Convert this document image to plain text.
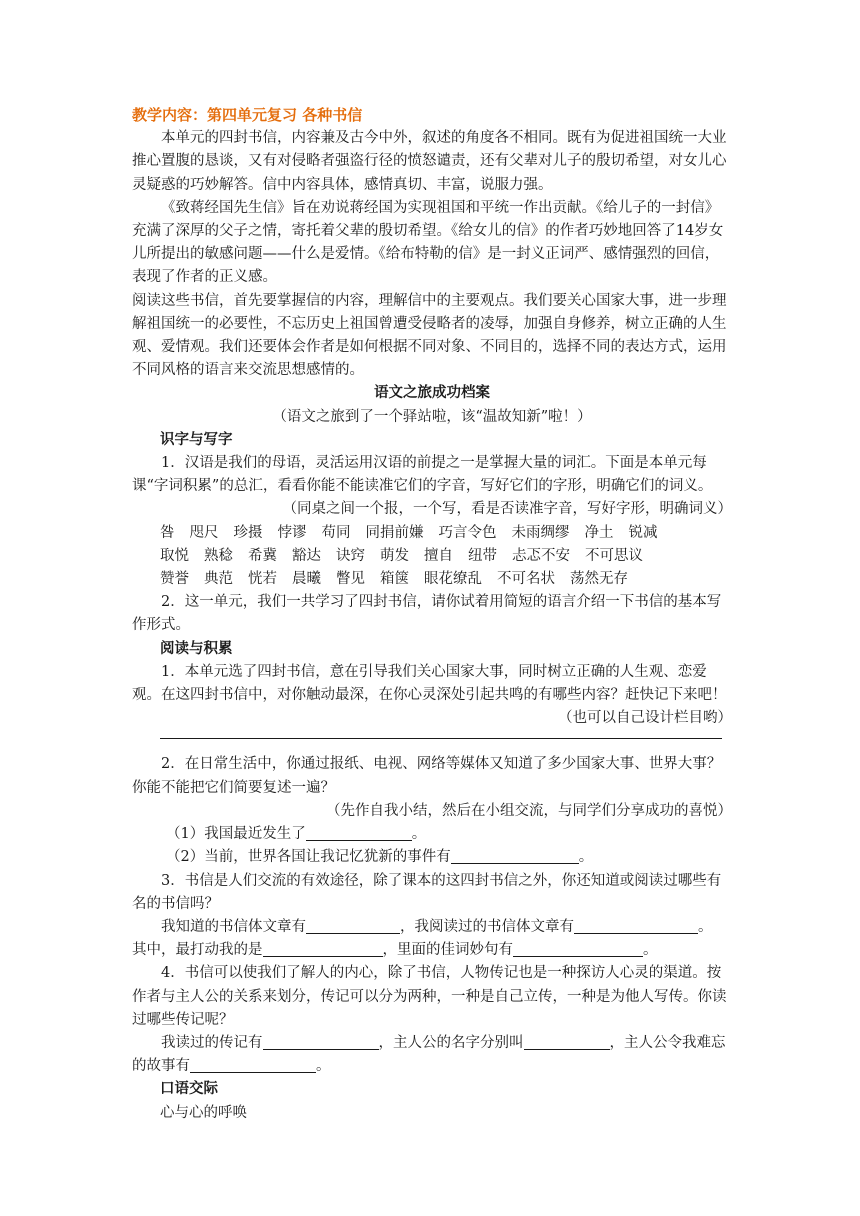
教学内容：第四单元复习 各种书信

本单元的四封书信，内容兼及古今中外，叙述的角度各不相同。既有为促进祖国统一大业推心置腹的恳谈，又有对侵略者强盗行径的愤怒谴责，还有父辈对儿子的殷切希望，对女儿心灵疑惑的巧妙解答。信中内容具体，感情真切、丰富，说服力强。

《致蒋经国先生信》旨在劝说蒋经国为实现祖国和平统一作出贡献。《给儿子的一封信》充满了深厚的父子之情，寄托着父辈的殷切希望。《给女儿的信》的作者巧妙地回答了14岁女儿所提出的敏感问题——什么是爱情。《给布特勒的信》是一封义正词严、感情强烈的回信，表现了作者的正义感。

阅读这些书信，首先要掌握信的内容，理解信中的主要观点。我们要关心国家大事，进一步理解祖国统一的必要性，不忘历史上祖国曾遭受侵略者的凌辱，加强自身修养，树立正确的人生观、爱情观。我们还要体会作者是如何根据不同对象、不同目的，选择不同的表达方式，运用不同风格的语言来交流思想感情的。

语文之旅成功档案

（语文之旅到了一个驿站啦，该“温故知新”啦！）

识字与写字

1．汉语是我们的母语，灵活运用汉语的前提之一是掌握大量的词汇。下面是本单元每课“字词积累”的总汇，看看你能不能读准它们的字音，写好它们的字形，明确它们的词义。

（同桌之间一个报，一个写，看是否读准字音，写好字形，明确词义）

咎 咫尺 珍摄 悖谬 苟同 同捐前嫌 巧言令色 未雨绸缪 净土 锐减
取悦 熟稔 希冀 豁达 诀窍 萌发 擅自 纽带 忐忑不安 不可思议
赞誉 典范 恍若 晨曦 瞥见 箱箧 眼花缭乱 不可名状 荡然无存

2．这一单元，我们一共学习了四封书信，请你试着用简短的语言介绍一下书信的基本写作形式。

阅读与积累

1．本单元选了四封书信，意在引导我们关心国家大事，同时树立正确的人生观、恋爱观。在这四封书信中，对你触动最深，在你心灵深处引起共鸣的有哪些内容？赶快记下来吧！

（也可以自己设计栏目哟）

2．在日常生活中，你通过报纸、电视、网络等媒体又知道了多少国家大事、世界大事？你能不能把它们简要复述一遍？

（先作自我小结，然后在小组交流，与同学们分享成功的喜悦）

（1）我国最近发生了	。

（2）当前，世界各国让我记忆犹新的事件有	。

3．书信是人们交流的有效途径，除了课本的这四封书信之外，你还知道或阅读过哪些有名的书信吗？

我知道的书信体文章有	，我阅读过的书信体文章有	。

其中，最打动我的是	，里面的佳词妙句有	。

4．书信可以使我们了解人的内心，除了书信，人物传记也是一种探访人心灵的渠道。按作者与主人公的关系来划分，传记可以分为两种，一种是自己立传，一种是为他人写传。你读过哪些传记呢？

我读过的传记有	，主人公的名字分别叫	，主人公令我难忘的故事有	。

口语交际

心与心的呼唤
